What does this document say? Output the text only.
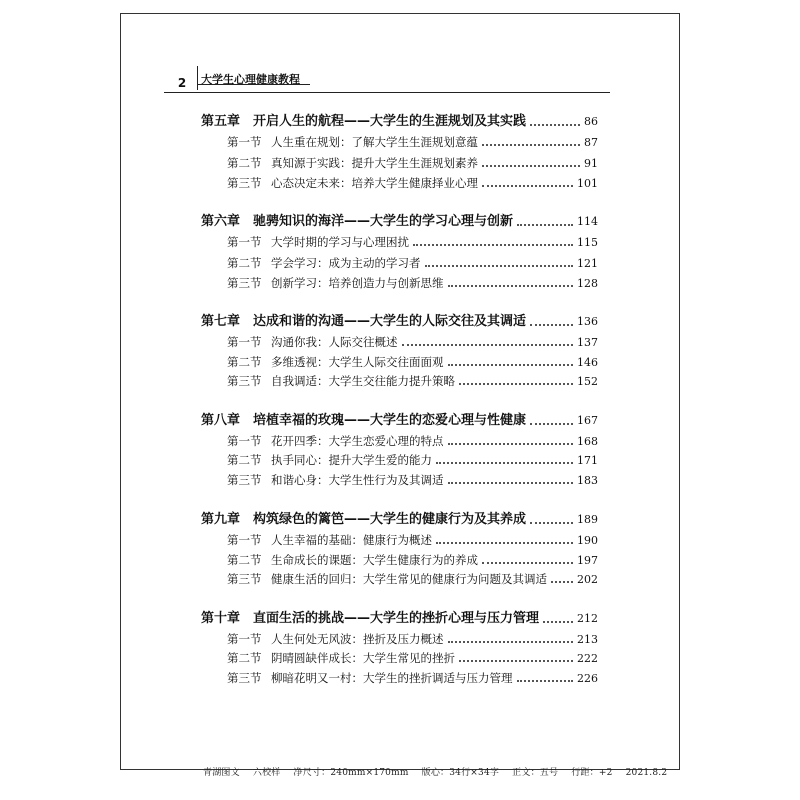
2	大学生心理健康教程
第五章 开启人生的航程——大学生的生涯规划及其实践	86
第一节 人生重在规划：了解大学生生涯规划意蕴	87
第二节 真知源于实践：提升大学生生涯规划素养	91
第三节 心态决定未来：培养大学生健康择业心理	101
第六章 驰骋知识的海洋——大学生的学习心理与创新	114
第一节 大学时期的学习与心理困扰	115
第二节 学会学习：成为主动的学习者	121
第三节 创新学习：培养创造力与创新思维	128
第七章 达成和谐的沟通——大学生的人际交往及其调适	136
第一节 沟通你我：人际交往概述	137
第二节 多维透视：大学生人际交往面面观	146
第三节 自我调适：大学生交往能力提升策略	152
第八章 培植幸福的玫瑰——大学生的恋爱心理与性健康	167
第一节 花开四季：大学生恋爱心理的特点	168
第二节 执手同心：提升大学生爱的能力	171
第三节 和谐心身：大学生性行为及其调适	183
第九章 构筑绿色的篱笆——大学生的健康行为及其养成	189
第一节 人生幸福的基础：健康行为概述	190
第二节 生命成长的课题：大学生健康行为的养成	197
第三节 健康生活的回归：大学生常见的健康行为问题及其调适	202
第十章 直面生活的挑战——大学生的挫折心理与压力管理	212
第一节 人生何处无风波：挫折及压力概述	213
第二节 阴晴圆缺伴成长：大学生常见的挫折	222
第三节 柳暗花明又一村：大学生的挫折调适与压力管理	226
青湖图文 六校样 净尺寸：240mm×170mm 版心：34行×34字 正文：五号 行距：+2 2021.8.2
